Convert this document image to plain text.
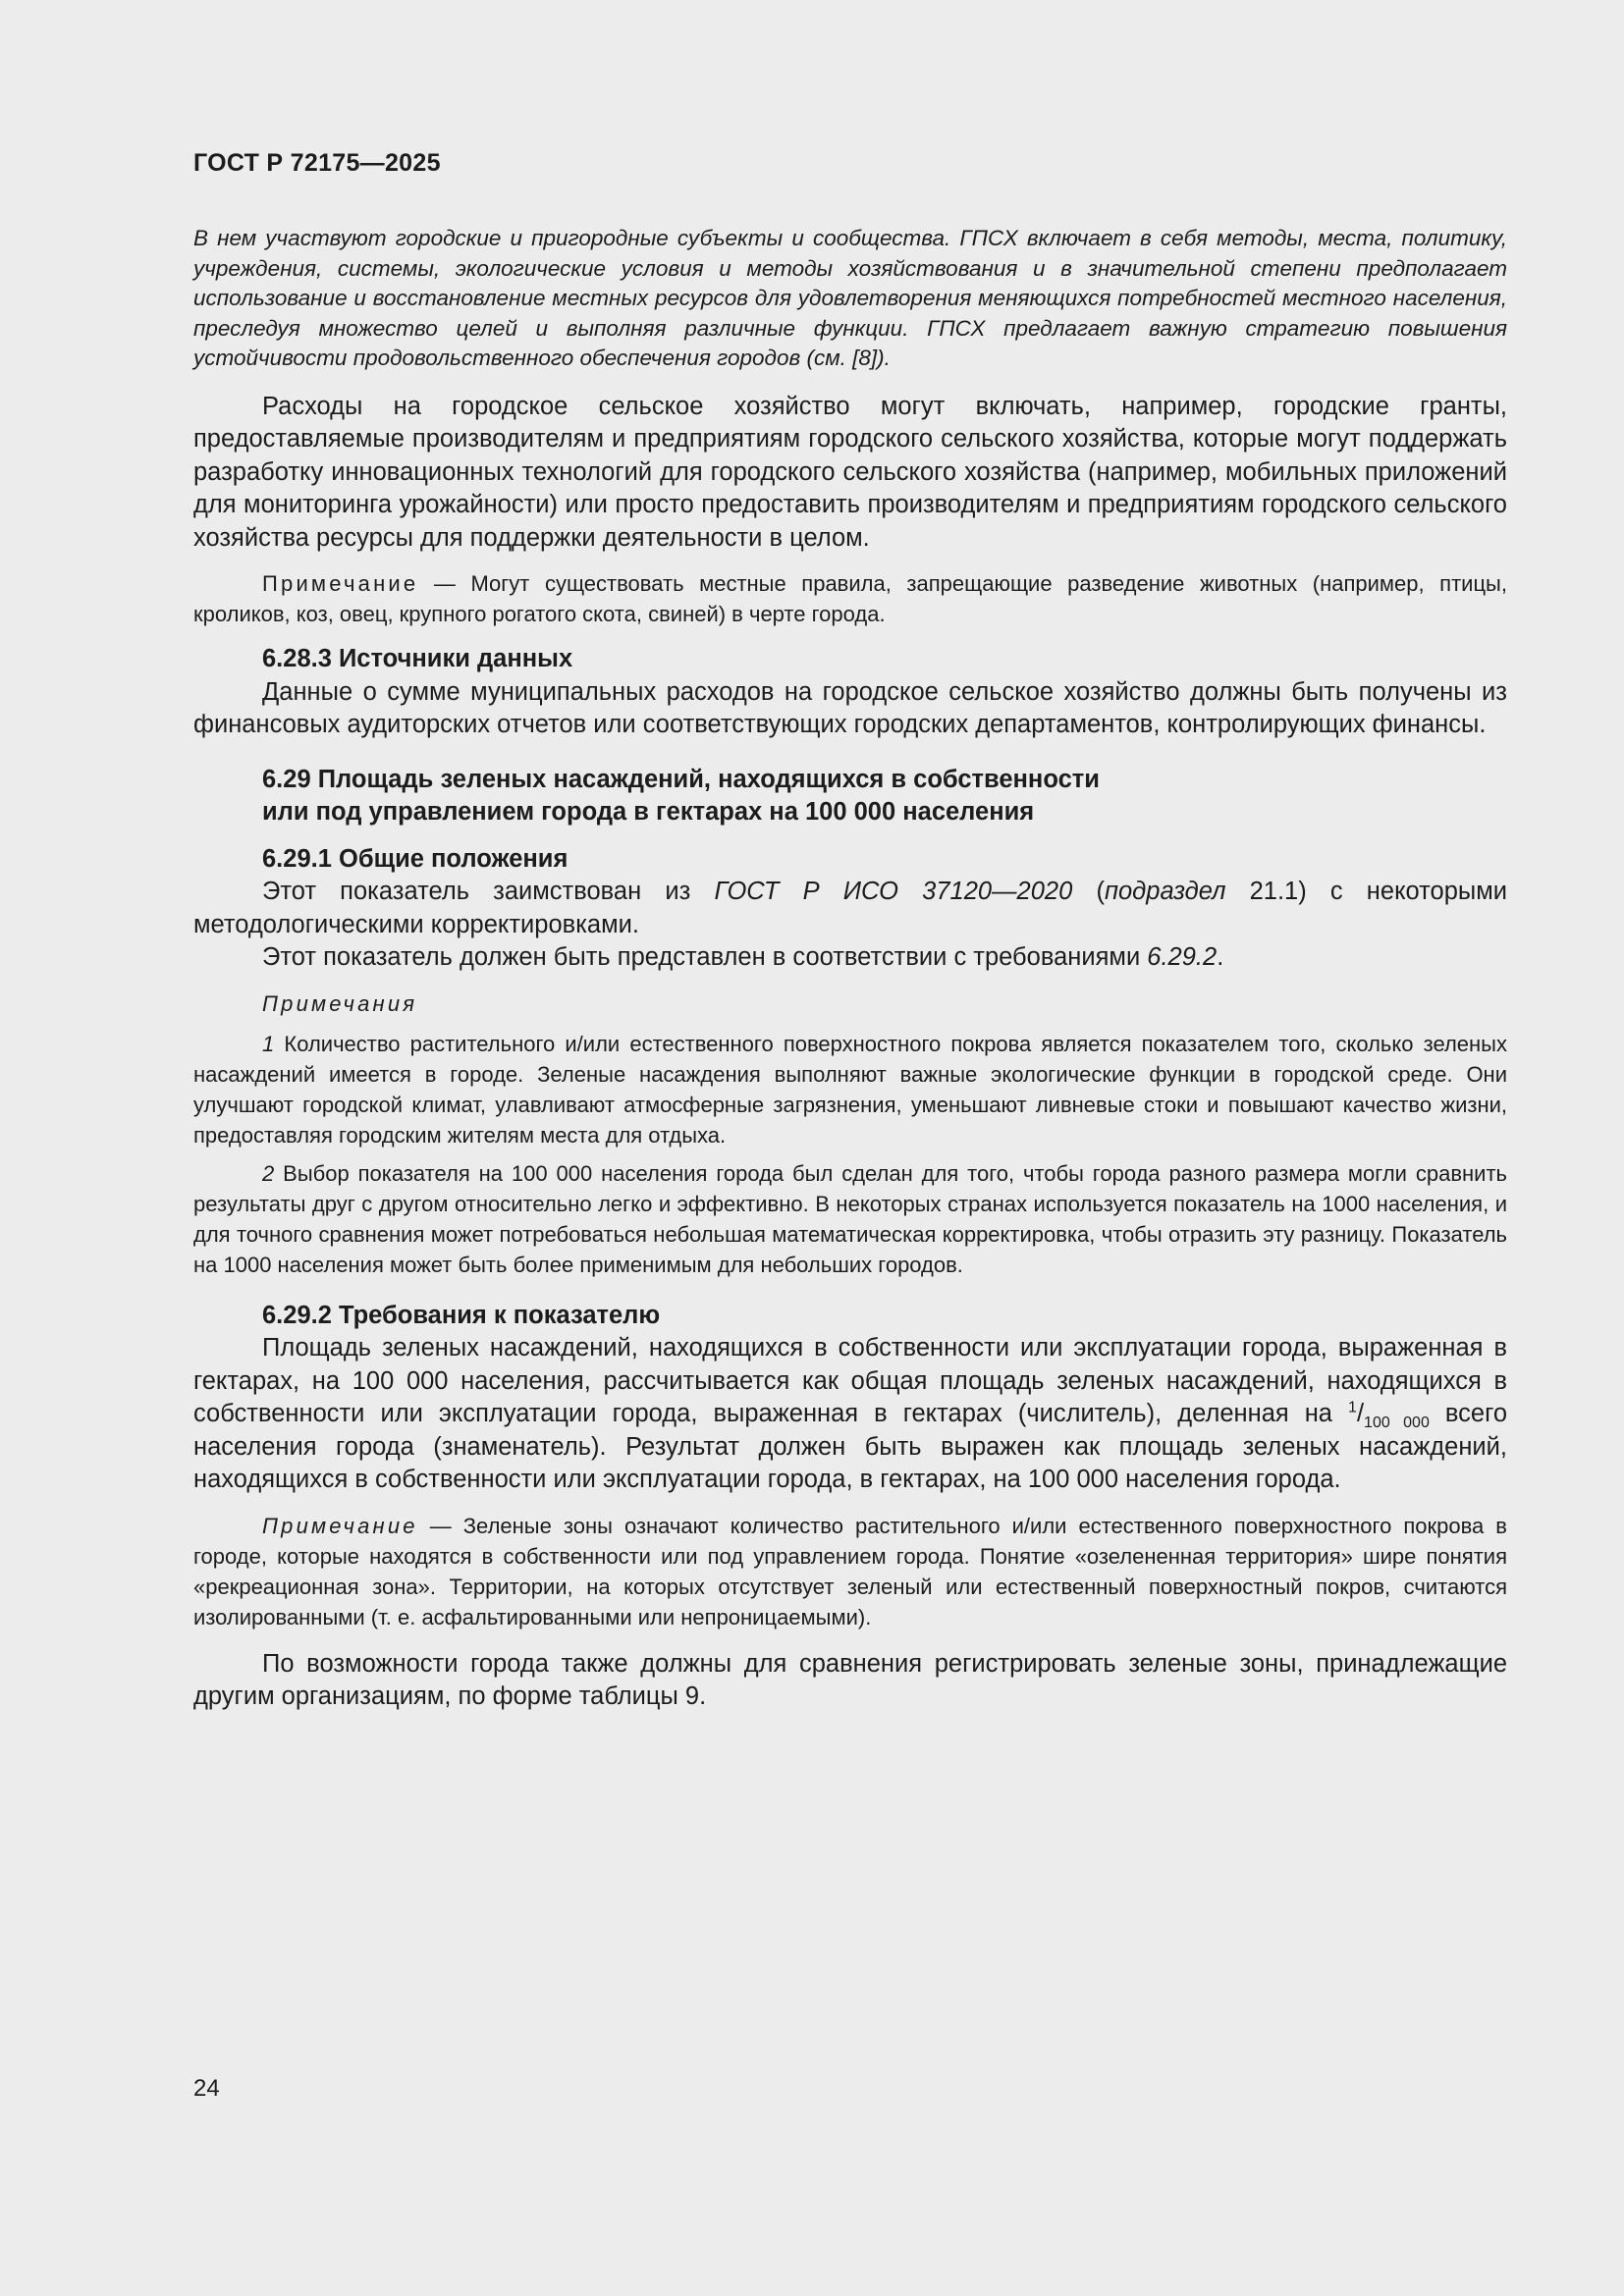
ГОСТ Р 72175—2025

В нем участвуют городские и пригородные субъекты и сообщества. ГПСХ включает в себя методы, места, политику, учреждения, системы, экологические условия и методы хозяйствования и в значительной степени предполагает использование и восстановление местных ресурсов для удовлетворения меняющихся потребностей местного населения, преследуя множество целей и выполняя различные функции. ГПСХ предлагает важную стратегию повышения устойчивости продовольственного обеспечения городов (см. [8]).

Расходы на городское сельское хозяйство могут включать, например, городские гранты, предоставляемые производителям и предприятиям городского сельского хозяйства, которые могут поддержать разработку инновационных технологий для городского сельского хозяйства (например, мобильных приложений для мониторинга урожайности) или просто предоставить производителям и предприятиям городского сельского хозяйства ресурсы для поддержки деятельности в целом.

Примечание — Могут существовать местные правила, запрещающие разведение животных (например, птицы, кроликов, коз, овец, крупного рогатого скота, свиней) в черте города.

6.28.3 Источники данных

Данные о сумме муниципальных расходов на городское сельское хозяйство должны быть получены из финансовых аудиторских отчетов или соответствующих городских департаментов, контролирующих финансы.

6.29 Площадь зеленых насаждений, находящихся в собственности

или под управлением города в гектарах на 100 000 населения

6.29.1 Общие положения

Этот показатель заимствован из ГОСТ Р ИСО 37120—2020 (подраздел 21.1) с некоторыми методологическими корректировками.

Этот показатель должен быть представлен в соответствии с требованиями 6.29.2.

Примечания

1 Количество растительного и/или естественного поверхностного покрова является показателем того, сколько зеленых насаждений имеется в городе. Зеленые насаждения выполняют важные экологические функции в городской среде. Они улучшают городской климат, улавливают атмосферные загрязнения, уменьшают ливневые стоки и повышают качество жизни, предоставляя городским жителям места для отдыха.

2 Выбор показателя на 100 000 населения города был сделан для того, чтобы города разного размера могли сравнить результаты друг с другом относительно легко и эффективно. В некоторых странах используется показатель на 1000 населения, и для точного сравнения может потребоваться небольшая математическая корректировка, чтобы отразить эту разницу. Показатель на 1000 населения может быть более применимым для небольших городов.

6.29.2 Требования к показателю

Площадь зеленых насаждений, находящихся в собственности или эксплуатации города, выраженная в гектарах, на 100 000 населения, рассчитывается как общая площадь зеленых насаждений, находящихся в собственности или эксплуатации города, выраженная в гектарах (числитель), деленная на $^1/_{100 000}$ всего населения города (знаменатель). Результат должен быть выражен как площадь зеленых насаждений, находящихся в собственности или эксплуатации города, в гектарах, на 100 000 населения города.

Примечание — Зеленые зоны означают количество растительного и/или естественного поверхностного покрова в городе, которые находятся в собственности или под управлением города. Понятие «озелененная территория» шире понятия «рекреационная зона». Территории, на которых отсутствует зеленый или естественный поверхностный покров, считаются изолированными (т. е. асфальтированными или непроницаемыми).

По возможности города также должны для сравнения регистрировать зеленые зоны, принадлежащие другим организациям, по форме таблицы 9.

24
